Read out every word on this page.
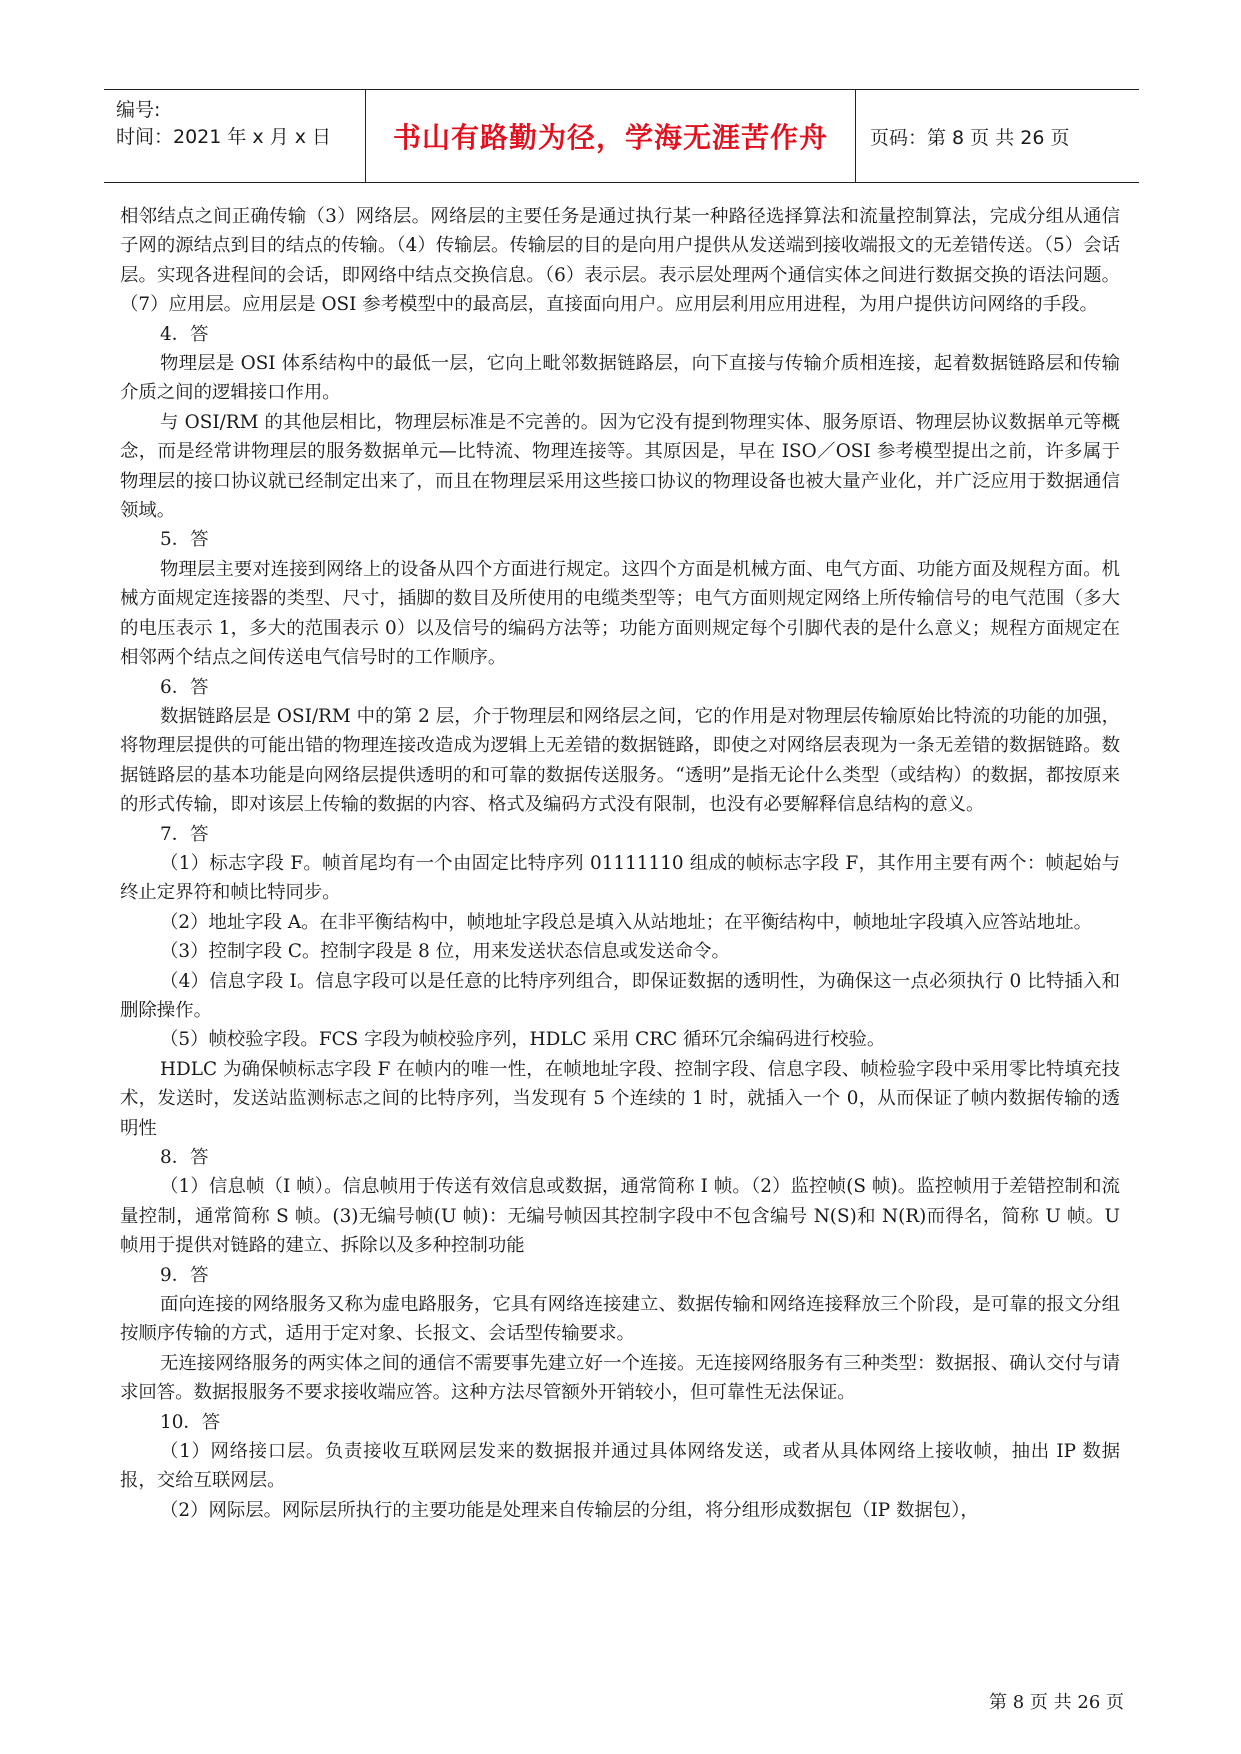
编号:
时间：2021 年 x 月 x 日 书山有路勤为径，学海无涯苦作舟 页码：第 8 页 共 26 页

相邻结点之间正确传输（3）网络层。网络层的主要任务是通过执行某一种路径选择算法和流量控制算法，完成分组从通信子网的源结点到目的结点的传输。（4）传输层。传输层的目的是向用户提供从发送端到接收端报文的无差错传送。（5）会话层。实现各进程间的会话，即网络中结点交换信息。（6）表示层。表示层处理两个通信实体之间进行数据交换的语法问题。（7）应用层。应用层是 OSI 参考模型中的最高层，直接面向用户。应用层利用应用进程，为用户提供访问网络的手段。

4．答

物理层是 OSI 体系结构中的最低一层，它向上毗邻数据链路层，向下直接与传输介质相连接，起着数据链路层和传输介质之间的逻辑接口作用。

与 OSI/RM 的其他层相比，物理层标准是不完善的。因为它没有提到物理实体、服务原语、物理层协议数据单元等概念，而是经常讲物理层的服务数据单元—比特流、物理连接等。其原因是，早在 ISO／OSI 参考模型提出之前，许多属于物理层的接口协议就已经制定出来了，而且在物理层采用这些接口协议的物理设备也被大量产业化，并广泛应用于数据通信领域。

5．答

物理层主要对连接到网络上的设备从四个方面进行规定。这四个方面是机械方面、电气方面、功能方面及规程方面。机械方面规定连接器的类型、尺寸，插脚的数目及所使用的电缆类型等；电气方面则规定网络上所传输信号的电气范围（多大的电压表示 1，多大的范围表示 0）以及信号的编码方法等；功能方面则规定每个引脚代表的是什么意义；规程方面规定在相邻两个结点之间传送电气信号时的工作顺序。

6．答

数据链路层是 OSI/RM 中的第 2 层，介于物理层和网络层之间，它的作用是对物理层传输原始比特流的功能的加强，将物理层提供的可能出错的物理连接改造成为逻辑上无差错的数据链路，即使之对网络层表现为一条无差错的数据链路。数据链路层的基本功能是向网络层提供透明的和可靠的数据传送服务。“透明”是指无论什么类型（或结构）的数据，都按原来的形式传输，即对该层上传输的数据的内容、格式及编码方式没有限制，也没有必要解释信息结构的意义。

7．答

（1）标志字段 F。帧首尾均有一个由固定比特序列 01111110 组成的帧标志字段 F，其作用主要有两个：帧起始与终止定界符和帧比特同步。

（2）地址字段 A。在非平衡结构中，帧地址字段总是填入从站地址；在平衡结构中，帧地址字段填入应答站地址。

（3）控制字段 C。控制字段是 8 位，用来发送状态信息或发送命令。

（4）信息字段 I。信息字段可以是任意的比特序列组合，即保证数据的透明性，为确保这一点必须执行 0 比特插入和删除操作。

（5）帧校验字段。FCS 字段为帧校验序列，HDLC 采用 CRC 循环冗余编码进行校验。

HDLC 为确保帧标志字段 F 在帧内的唯一性，在帧地址字段、控制字段、信息字段、帧检验字段中采用零比特填充技术，发送时，发送站监测标志之间的比特序列，当发现有 5 个连续的 1 时，就插入一个 0，从而保证了帧内数据传输的透明性

8．答

（1）信息帧（I 帧）。信息帧用于传送有效信息或数据，通常简称 I 帧。（2）监控帧(S 帧)。监控帧用于差错控制和流量控制，通常简称 S 帧。(3)无编号帧(U 帧)：无编号帧因其控制字段中不包含编号 N(S)和 N(R)而得名，简称 U 帧。U 帧用于提供对链路的建立、拆除以及多种控制功能

9．答

面向连接的网络服务又称为虚电路服务，它具有网络连接建立、数据传输和网络连接释放三个阶段，是可靠的报文分组按顺序传输的方式，适用于定对象、长报文、会话型传输要求。

无连接网络服务的两实体之间的通信不需要事先建立好一个连接。无连接网络服务有三种类型：数据报、确认交付与请求回答。数据报服务不要求接收端应答。这种方法尽管额外开销较小，但可靠性无法保证。

10．答

（1）网络接口层。负责接收互联网层发来的数据报并通过具体网络发送，或者从具体网络上接收帧，抽出 IP 数据报，交给互联网层。

（2）网际层。网际层所执行的主要功能是处理来自传输层的分组，将分组形成数据包（IP 数据包），

第 8 页 共 26 页
